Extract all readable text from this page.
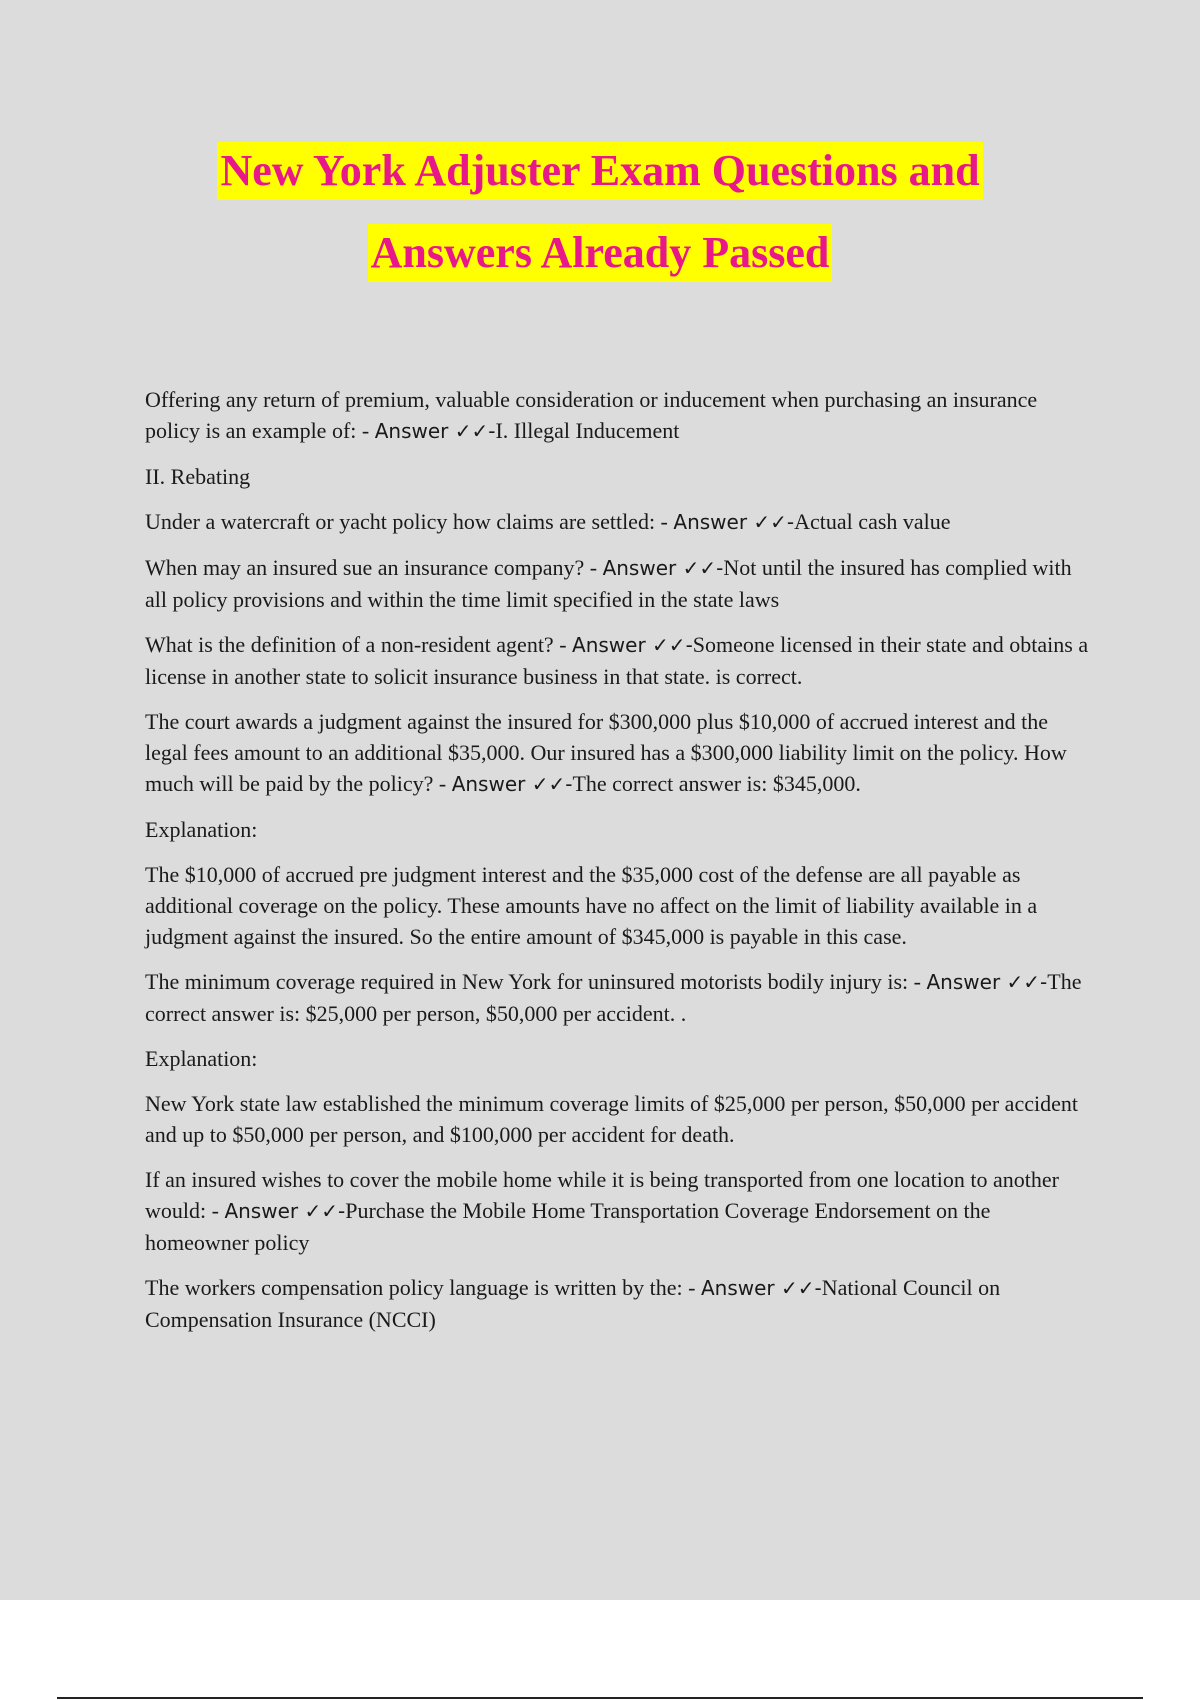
New York Adjuster Exam Questions and
Answers Already Passed

Offering any return of premium, valuable consideration or inducement when purchasing an insurance policy is an example of: - Answer ✓✓-I. Illegal Inducement

II. Rebating

Under a watercraft or yacht policy how claims are settled: - Answer ✓✓-Actual cash value

When may an insured sue an insurance company? - Answer ✓✓-Not until the insured has complied with all policy provisions and within the time limit specified in the state laws

What is the definition of a non-resident agent? - Answer ✓✓-Someone licensed in their state and obtains a license in another state to solicit insurance business in that state. is correct.

The court awards a judgment against the insured for $300,000 plus $10,000 of accrued interest and the legal fees amount to an additional $35,000. Our insured has a $300,000 liability limit on the policy. How much will be paid by the policy? - Answer ✓✓-The correct answer is: $345,000.

Explanation:

The $10,000 of accrued pre judgment interest and the $35,000 cost of the defense are all payable as additional coverage on the policy. These amounts have no affect on the limit of liability available in a judgment against the insured. So the entire amount of $345,000 is payable in this case.

The minimum coverage required in New York for uninsured motorists bodily injury is: - Answer ✓✓-The correct answer is: $25,000 per person, $50,000 per accident. .

Explanation:

New York state law established the minimum coverage limits of $25,000 per person, $50,000 per accident and up to $50,000 per person, and $100,000 per accident for death.

If an insured wishes to cover the mobile home while it is being transported from one location to another would: - Answer ✓✓-Purchase the Mobile Home Transportation Coverage Endorsement on the homeowner policy

The workers compensation policy language is written by the: - Answer ✓✓-National Council on Compensation Insurance (NCCI)
